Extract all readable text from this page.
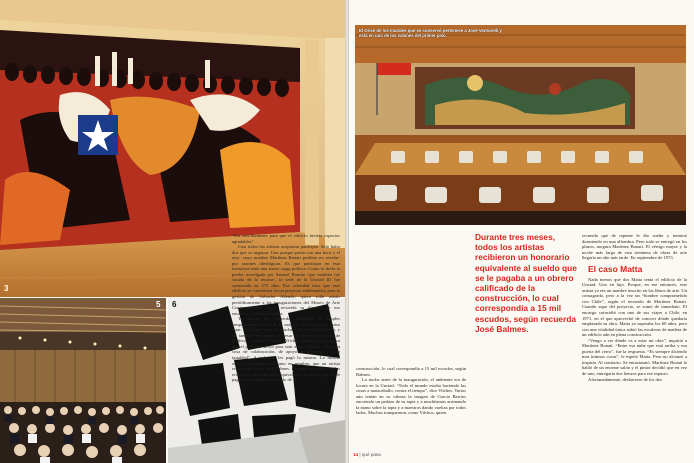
3
5 6
El Orixe de los murales que se conservó pertenece a José Venturelli y está en uno de los salones del primer piso.

“Era sencillamente para que el edificio tuviera espacios agradables”.

Casi todos los artistas aceptaron participar. Sólo hubo dos que se negaron. Uno porque partía con una boca y el otro -cuyo nombre Martínez Bonati prefiere no revelar- por razones ideológicas. Es que participar en esta iniciativa tenía una fuerte carga política. Como lo decía la piedra recuelgada por Samuel Román -que también fue sacada de la terraza-, la sede de la Unctad III fue construida en 275 días. Esa celeridad hizo que este edificio se convirtiera en un proyecto emblemático para la gestión de Salvador Allende, quien solía asistir periódicamente a las inauguraciones del Museo de Arte Contemporáneo, según recuerda su director de ese entonces, Guillermo Núñez.

Ya fueran de izquierda, militantes o simples simpatizantes de la UP, la mayoría de los artistas quiso estar. “Era una época de mucha efervescencia política, y mi también me agarró, a pesar de que no soy nada de político”, confiesa Eduardo Vilches. Mario Toral asegura que el proyecto sirvió para unir a sus colegas: “Fue una cosa de colaboración, de apoyo al gobierno y a la igualdad”. A todos se les pagó lo mismo. Lo mismo obtuvo Manzanito, artesano en mimbre, que un artista reconocido como José Balmes. Durante tres meses, todos recibieron un honorario equivalente al sueldo que se le pagaba a un obrero calificado de la

construcción, lo cual correspondía a 15 mil escudos, según Balmes.

La noche antes de la inauguración, el ambiente era de locura en la Unctad. “Todo el mundo estaba haciendo las cosas a matacaballo, contra el tiempo”, dice Vilches. Varios aún tenían en su cabeza la imagen de Gracia Barrios zurciendo un pedazo de su tapiz y a muchísimas arrimando la mano sobre la tapiz y a maestros dando vueltas por todos lados. Muchos tranquearon, como Vilchos, quien

Durante tres meses, todos los artistas recibieron un honorario equivalente al sueldo que se le pagaba a un obrero calificado de la construcción, lo cual correspondía a 15 mil escudos, según recuerda José Balmes.

recuerda que de repente le dio sueño y terminó durmiendo en una alfombra. Pero todo se entregó en los plazos, asegura Martínez Bonati. El vértigo mayor y la noche más larga de esta treintena de obras de arte llegaría un año más tarde. En septiembre de 1973.

El caso Matta

Nada menos que dos Matta tenía el edificio de la Unctad. Uno en lujo. Porque, en ese entonces, este artista ya era un nombre inscrito en los libros de arte. Un consagrado, pero a la vez un “hombre comprometido con Chile”, según el recuerdo de Martínez Bonati. Cuando supo del proyecto, se sumó de inmediato. El encargo coincidió con uno de sus viajes a Chile, en 1971, en el que aprovechó de conocer dónde quedaría emplazada su obra. Matta ya superaba los 60 años, pero con una vitalidad única subió las escaleras de madera de un edificio aún en plena construcción.

“Vengo a ver dónde va a estar mi obra”, inquirió a Martínez Bonati. “Entre esa nube que está arriba y esa puerta del cerro”, fue la respuesta. “Es siempre diciendo mas íntimos cosas”, le espetó Matta. Pero no alcanzó a inspirar. Al contrario. Se entusiasmó. Martínez Bonati le habló de un enorme salón y el pintor decidió que en vez de uno, entregaría dos lienzos para ese espacio.

Afortunadamente, deshacerse de los dos

14 | qué pasa
